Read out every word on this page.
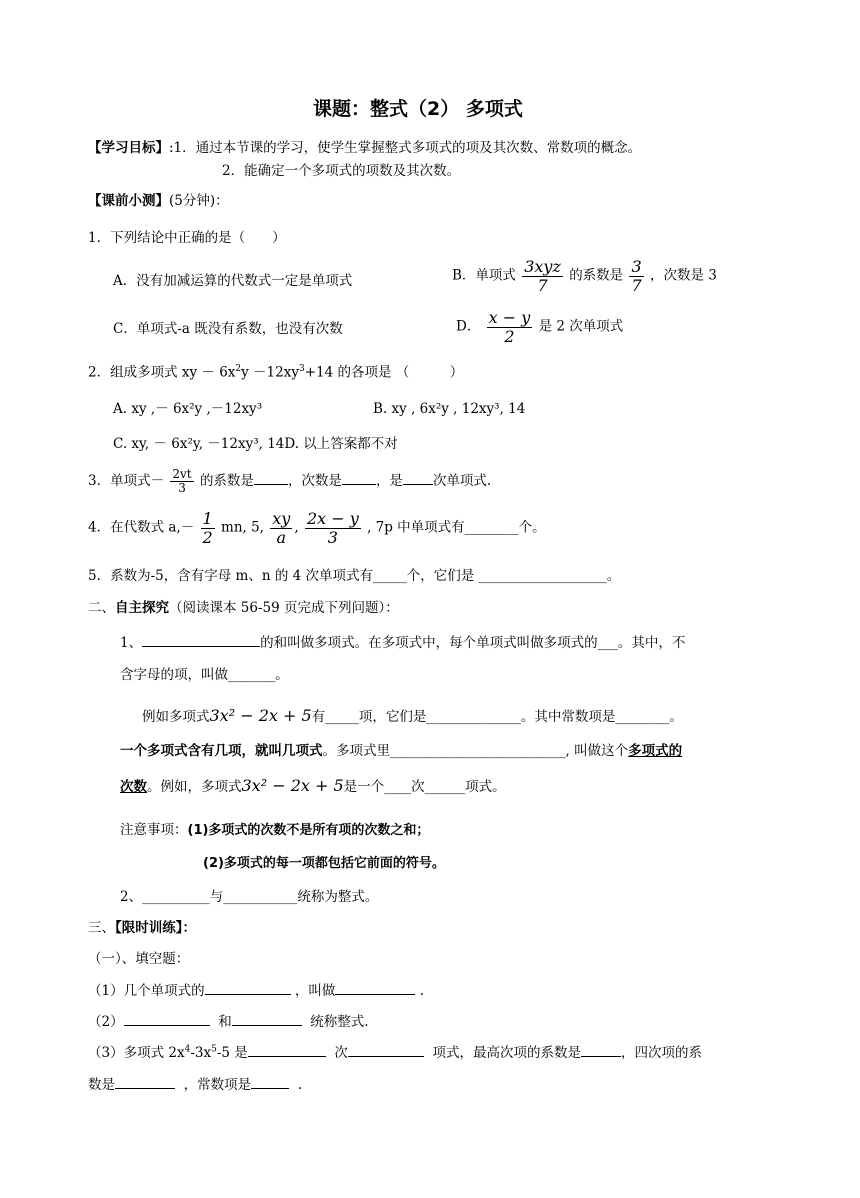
课题：整式（2） 多项式
【学习目标】:1．通过本节课的学习，使学生掌握整式多项式的项及其次数、常数项的概念。
2．能确定一个多项式的项数及其次数。
【课前小测】(5分钟)：
1．下列结论中正确的是（　　）
A．没有加减运算的代数式一定是单项式	B．单项式 $\frac{\text{3xyz}}{7}$ 的系数是 $\frac{3}{7}$ ，次数是 3
C．单项式-a 既没有系数，也没有次数	D． $\frac{x - y}{2}$ 是 2 次单项式
2．组成多项式 xy － $6x^2y -12xy^3+14$ 的各项是 （　　　）
A. xy ,－ 6x²y ,－12xy³	B. xy , 6x²y , 12xy³, 14
C. xy, － 6x²y, －12xy³, 14D. 以上答案都不对
3．单项式－ $\frac{2vt}{3}$ 的系数是	，次数是	，是 次单项式.
4．在代数式 $a,- \frac{1}{2}$ mn, 5, $\frac{xy}{a}$ , $\frac{2x - y}{3}$ , 7p 中单项式有________个。
5．系数为-5，含有字母 m、n 的 4 次单项式有_____个，它们是 ___________________。
二、自主探究（阅读课本 56-59 页完成下列问题）：
1、	的和叫做多项式。在多项式中，每个单项式叫做多项式的___。其中，不
含字母的项，叫做_______。
例如多项式3x² − 2x + 5有_____项，它们是______________。其中常数项是________。
一个多项式含有几项，就叫几项式。多项式里__________________________, 叫做这个多项式的
次数。例如，多项式3x² − 2x + 5是一个____次______项式。
注意事项：(1)多项式的次数不是所有项的次数之和；
(2)多项式的每一项都包括它前面的符号。
2、__________与___________统称为整式。
三、【限时训练】：
（一）、填空题：
（1）几个单项式的	，叫做	.
（2）	和	统称整式.
（3）多项式 $2x^4-3x^5-5$ 是	次	项式，最高次项的系数是	，四次项的系
数是	，常数项是	.
